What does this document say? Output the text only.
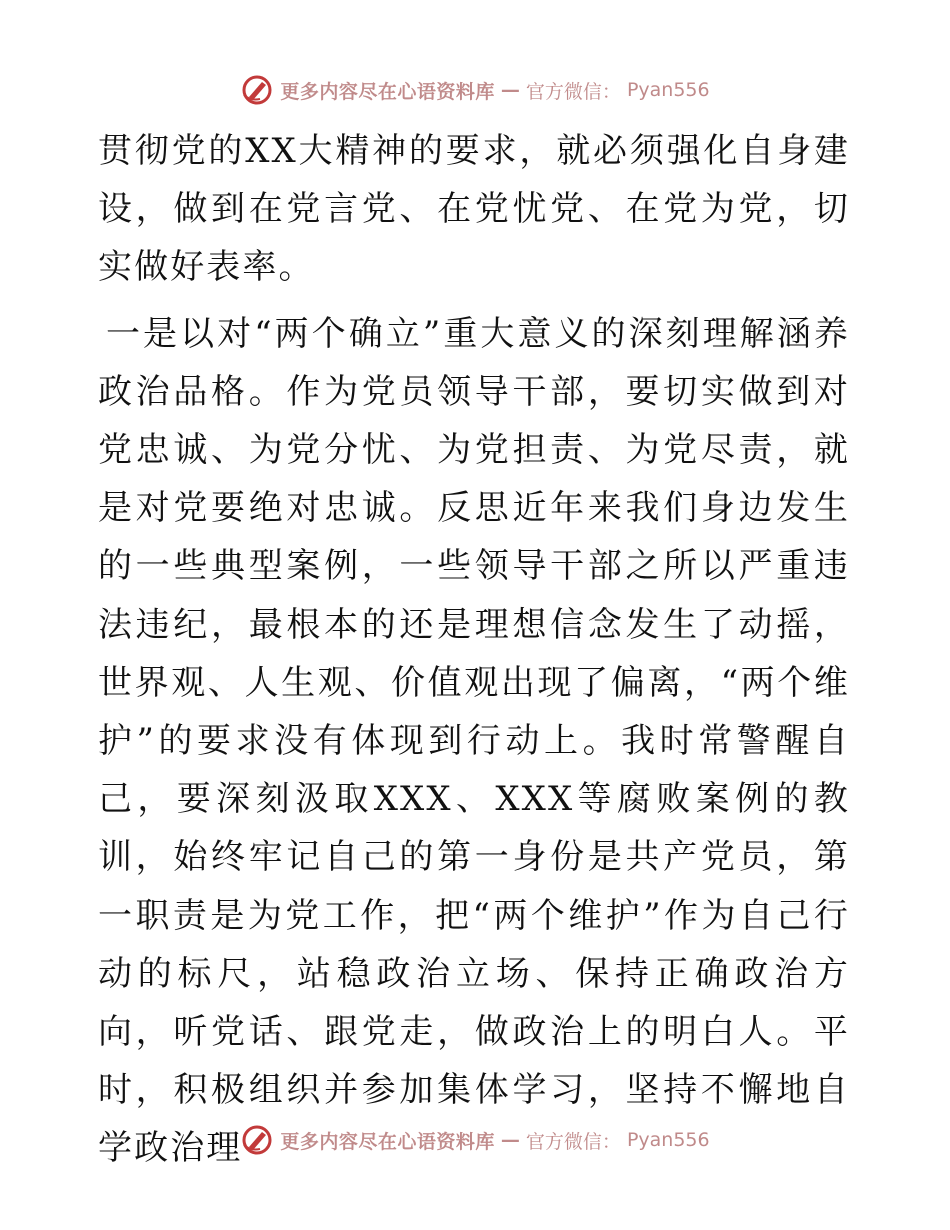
更多内容尽在心语资料库 — 官方微信： Pyan556

贯彻党的XX大精神的要求，就必须强化自身建设，做到在党言党、在党忧党、在党为党，切实做好表率。

一是以对“两个确立”重大意义的深刻理解涵养政治品格。作为党员领导干部，要切实做到对党忠诚、为党分忧、为党担责、为党尽责，就是对党要绝对忠诚。反思近年来我们身边发生的一些典型案例，一些领导干部之所以严重违法违纪，最根本的还是理想信念发生了动摇，世界观、人生观、价值观出现了偏离，“两个维护”的要求没有体现到行动上。我时常警醒自己，要深刻汲取XXX、XXX等腐败案例的教训，始终牢记自己的第一身份是共产党员，第一职责是为党工作，把“两个维护”作为自己行动的标尺，站稳政治立场、保持正确政治方向，听党话、跟党走，做政治上的明白人。平时，积极组织并参加集体学习，坚持不懈地自学政治理	更多内容尽在心语资料库 — 官方微信： Pyan556
